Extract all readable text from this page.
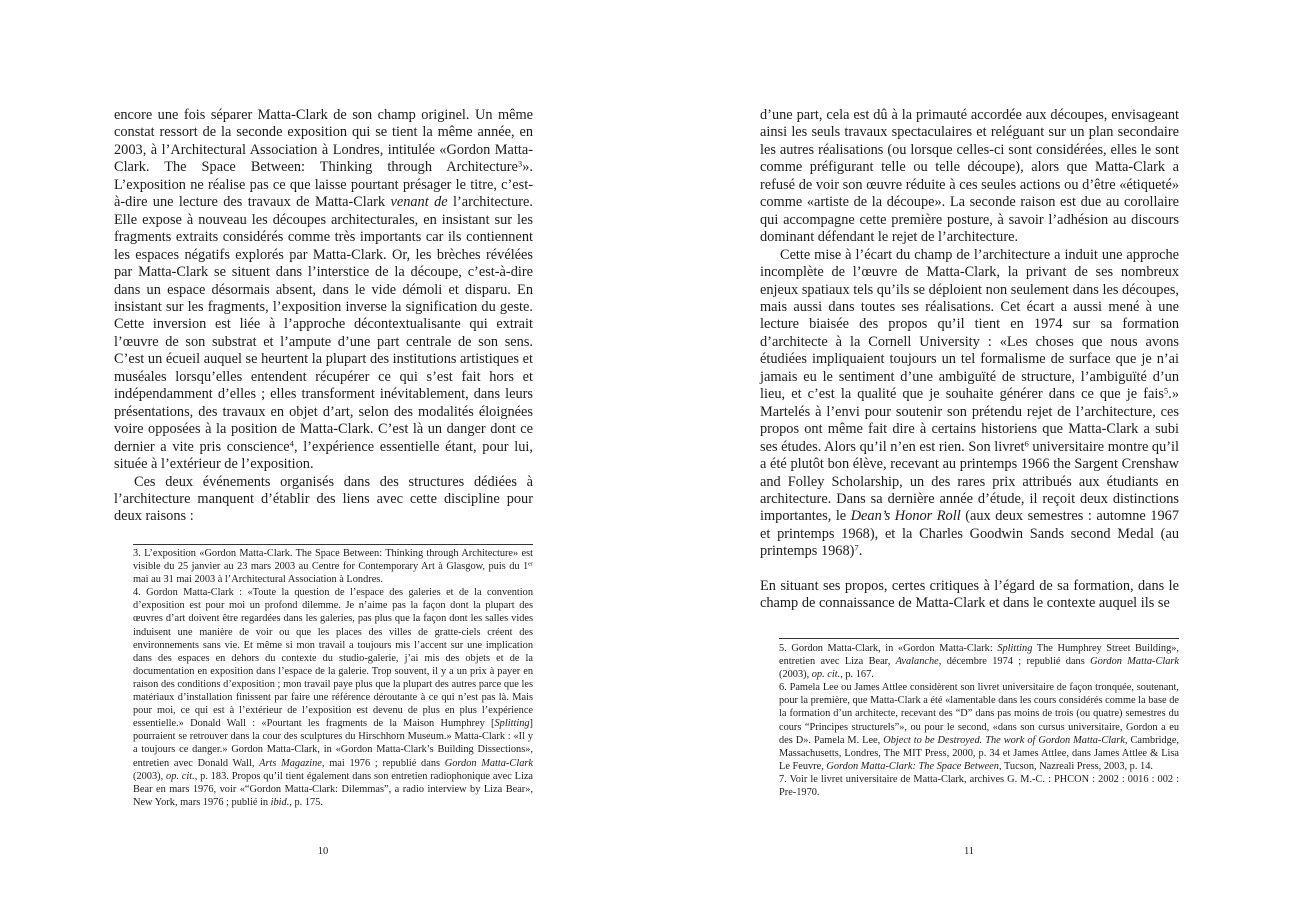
encore une fois séparer Matta-Clark de son champ originel. Un même constat ressort de la seconde exposition qui se tient la même année, en 2003, à l’Architectural Association à Londres, intitulée «Gordon Matta-Clark. The Space Between: Thinking through Architecture$^3$». L’exposition ne réalise pas ce que laisse pourtant présager le titre, c’est-à-dire une lecture des travaux de Matta-Clark venant de l’architecture. Elle expose à nouveau les découpes architecturales, en insistant sur les fragments extraits considérés comme très importants car ils contiennent les espaces négatifs explorés par Matta-Clark. Or, les brèches révélées par Matta-Clark se situent dans l’interstice de la découpe, c’est-à-dire dans un espace désormais absent, dans le vide démoli et disparu. En insistant sur les fragments, l’exposition inverse la signification du geste. Cette inversion est liée à l’approche décontextualisante qui extrait l’œuvre de son substrat et l’ampute d’une part centrale de son sens. C’est un écueil auquel se heurtent la plupart des institutions artistiques et muséales lorsqu’elles entendent récupérer ce qui s’est fait hors et indépendamment d’elles ; elles transforment inévitablement, dans leurs présentations, des travaux en objet d’art, selon des modalités éloignées voire opposées à la position de Matta-Clark. C’est là un danger dont ce dernier a vite pris conscience$^4$, l’expérience essentielle étant, pour lui, située à l’extérieur de l’exposition.

Ces deux événements organisés dans des structures dédiées à l’architecture manquent d’établir des liens avec cette discipline pour deux raisons :

3. L’exposition «Gordon Matta-Clark. The Space Between: Thinking through Architecture» est visible du 25 janvier au 23 mars 2003 au Centre for Contemporary Art à Glasgow, puis du 1er mai au 31 mai 2003 à l’Architectural Association à Londres.

4. Gordon Matta-Clark : «Toute la question de l’espace des galeries et de la convention d’exposition est pour moi un profond dilemme. Je n’aime pas la façon dont la plupart des œuvres d’art doivent être regardées dans les galeries, pas plus que la façon dont les salles vides induisent une manière de voir ou que les places des villes de gratte-ciels créent des environnements sans vie. Et même si mon travail a toujours mis l’accent sur une implication dans des espaces en dehors du contexte du studio-galerie, j’ai mis des objets et de la documentation en exposition dans l’espace de la galerie. Trop souvent, il y a un prix à payer en raison des conditions d’exposition ; mon travail paye plus que la plupart des autres parce que les matériaux d’installation finissent par faire une référence déroutante à ce qui n’est pas là. Mais pour moi, ce qui est à l’extérieur de l’exposition est devenu de plus en plus l’expérience essentielle.» Donald Wall : «Pourtant les fragments de la Maison Humphrey [Splitting] pourraient se retrouver dans la cour des sculptures du Hirschhorn Museum.» Matta-Clark : «Il y a toujours ce danger.» Gordon Matta-Clark, in «Gordon Matta-Clark’s Building Dissections», entretien avec Donald Wall, Arts Magazine, mai 1976 ; republié dans Gordon Matta-Clark (2003), op. cit., p. 183. Propos qu’il tient également dans son entretien radiophonique avec Liza Bear en mars 1976, voir «“Gordon Matta-Clark: Dilemmas”, a radio interview by Liza Bear», New York, mars 1976 ; publié in ibid., p. 175.

10

d’une part, cela est dû à la primauté accordée aux découpes, envisageant ainsi les seuls travaux spectaculaires et reléguant sur un plan secondaire les autres réalisations (ou lorsque celles-ci sont considérées, elles le sont comme préfigurant telle ou telle découpe), alors que Matta-Clark a refusé de voir son œuvre réduite à ces seules actions ou d’être «étiqueté» comme «artiste de la découpe». La seconde raison est due au corollaire qui accompagne cette première posture, à savoir l’adhésion au discours dominant défendant le rejet de l’architecture.

Cette mise à l’écart du champ de l’architecture a induit une approche incomplète de l’œuvre de Matta-Clark, la privant de ses nombreux enjeux spatiaux tels qu’ils se déploient non seulement dans les découpes, mais aussi dans toutes ses réalisations. Cet écart a aussi mené à une lecture biaisée des propos qu’il tient en 1974 sur sa formation d’architecte à la Cornell University : «Les choses que nous avons étudiées impliquaient toujours un tel formalisme de surface que je n’ai jamais eu le sentiment d’une ambiguïté de structure, l’ambiguïté d’un lieu, et c’est la qualité que je souhaite générer dans ce que je fais$^5$.» Martelés à l’envi pour soutenir son prétendu rejet de l’architecture, ces propos ont même fait dire à certains historiens que Matta-Clark a subi ses études. Alors qu’il n’en est rien. Son livret$^6$ universitaire montre qu’il a été plutôt bon élève, recevant au printemps 1966 the Sargent Crenshaw and Folley Scholarship, un des rares prix attribués aux étudiants en architecture. Dans sa dernière année d’étude, il reçoit deux distinctions importantes, le Dean’s Honor Roll (aux deux semestres : automne 1967 et printemps 1968), et la Charles Goodwin Sands second Medal (au printemps 1968)$^7$.

En situant ses propos, certes critiques à l’égard de sa formation, dans le champ de connaissance de Matta-Clark et dans le contexte auquel ils se

5. Gordon Matta-Clark, in «Gordon Matta-Clark: Splitting The Humphrey Street Building», entretien avec Liza Bear, Avalanche, décembre 1974 ; republié dans Gordon Matta-Clark (2003), op. cit., p. 167.

6. Pamela Lee ou James Attlee considèrent son livret universitaire de façon tronquée, soutenant, pour la première, que Matta-Clark a été «lamentable dans les cours considérés comme la base de la formation d’un architecte, recevant des “D” dans pas moins de trois (ou quatre) semestres du cours “Principes structurels”», ou pour le second, «dans son cursus universitaire, Gordon a eu des D». Pamela M. Lee, Object to be Destroyed. The work of Gordon Matta-Clark, Cambridge, Massachusetts, Londres, The MIT Press, 2000, p. 34 et James Attlee, dans James Attlee & Lisa Le Feuvre, Gordon Matta-Clark: The Space Between, Tucson, Nazreali Press, 2003, p. 14.

7. Voir le livret universitaire de Matta-Clark, archives G. M.-C. : PHCON : 2002 : 0016 : 002 : Pre-1970.

11
